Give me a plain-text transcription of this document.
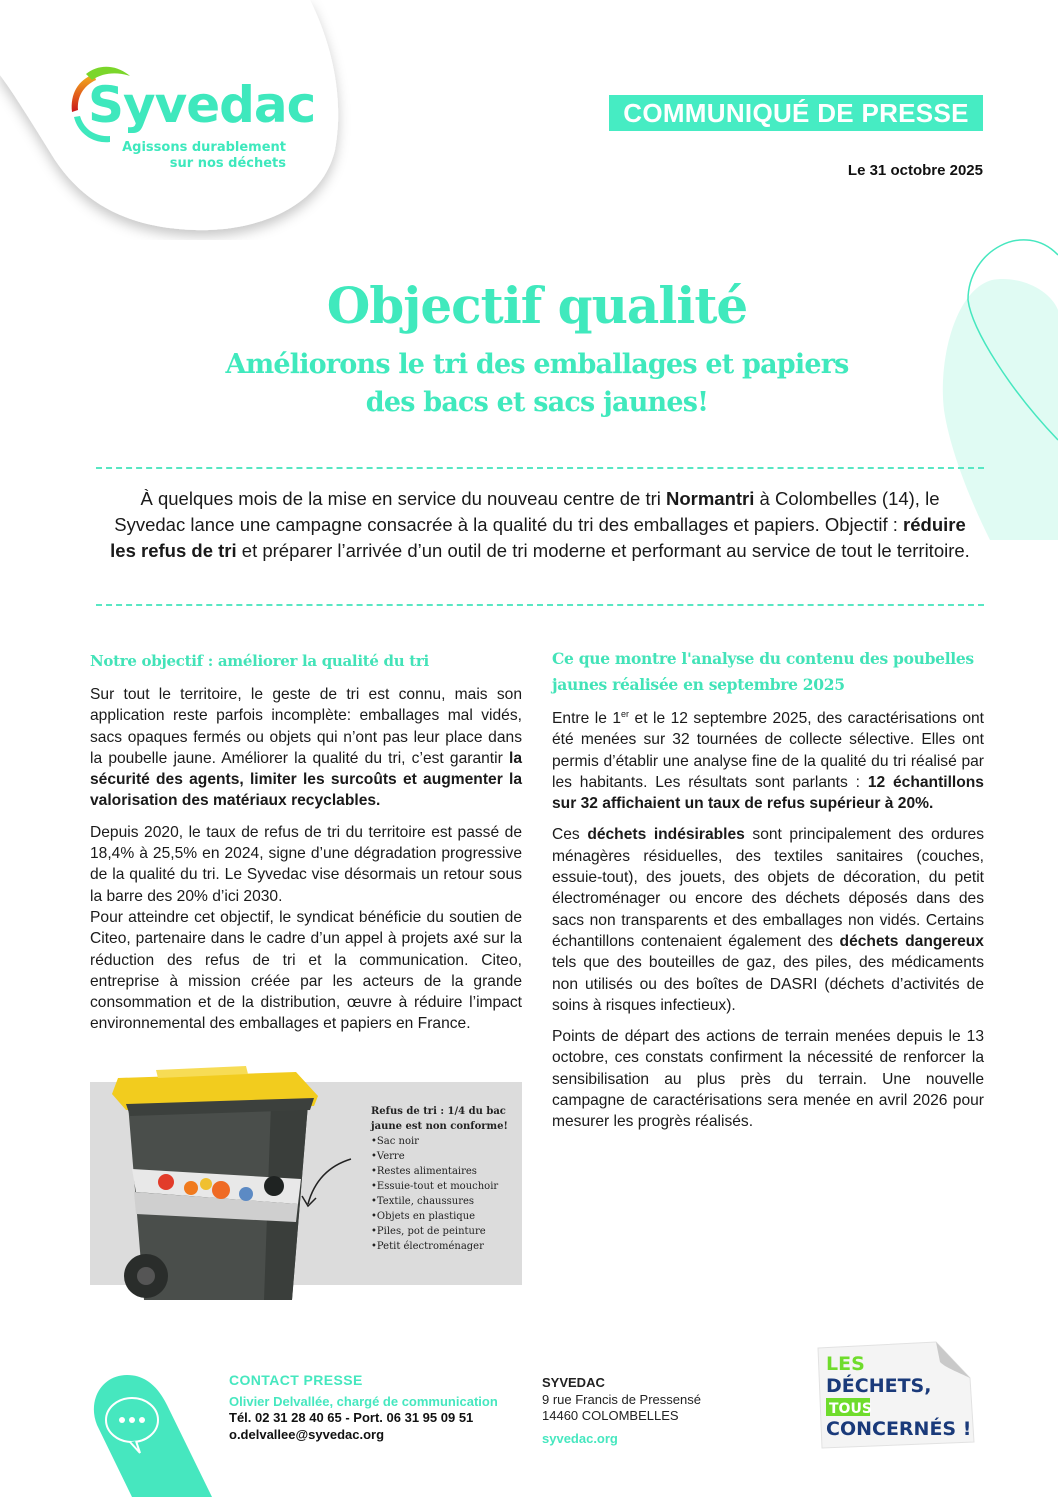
Syvedac
Agissons durablement
sur nos déchets
COMMUNIQUÉ DE PRESSE
Le 31 octobre 2025
Objectif qualité
Améliorons le tri des emballages et papiers
des bacs et sacs jaunes!
À quelques mois de la mise en service du nouveau centre de tri Normantri à Colombelles (14), le Syvedac lance une campagne consacrée à la qualité du tri des emballages et papiers. Objectif : réduire les refus de tri et préparer l’arrivée d’un outil de tri moderne et performant au service de tout le territoire.
Notre objectif : améliorer la qualité du tri

Sur tout le territoire, le geste de tri est connu, mais son application reste parfois incomplète: emballages mal vidés, sacs opaques fermés ou objets qui n’ont pas leur place dans la poubelle jaune. Améliorer la qualité du tri, c’est garantir la sécurité des agents, limiter les surcoûts et augmenter la valorisation des matériaux recyclables.

Depuis 2020, le taux de refus de tri du territoire est passé de 18,4% à 25,5% en 2024, signe d’une dégradation progressive de la qualité du tri. Le Syvedac vise désormais un retour sous la barre des 20% d’ici 2030.

Pour atteindre cet objectif, le syndicat bénéficie du soutien de Citeo, partenaire dans le cadre d’un appel à projets axé sur la réduction des refus de tri et la communication. Citeo, entreprise à mission créée par les acteurs de la grande consommation et de la distribution, œuvre à réduire l’impact environnemental des emballages et papiers en France.

Refus de tri : 1/4 du bac
jaune est non conforme!
• Sac noir
• Verre
• Restes alimentaires
• Essuie-tout et mouchoir
• Textile, chaussures
• Objets en plastique
• Piles, pot de peinture
• Petit électroménager
Ce que montre l'analyse du contenu des poubelles jaunes réalisée en septembre 2025

Entre le 1er et le 12 septembre 2025, des caractérisations ont été menées sur 32 tournées de collecte sélective. Elles ont permis d’établir une analyse fine de la qualité du tri réalisé par les habitants. Les résultats sont parlants : 12 échantillons sur 32 affichaient un taux de refus supérieur à 20%.

Ces déchets indésirables sont principalement des ordures ménagères résiduelles, des textiles sanitaires (couches, essuie-tout), des jouets, des objets de décoration, du petit électroménager ou encore des déchets déposés dans des sacs non transparents et des emballages non vidés. Certains échantillons contenaient également des déchets dangereux tels que des bouteilles de gaz, des piles, des médicaments non utilisés ou des boîtes de DASRI (déchets d’activités de soins à risques infectieux).

Points de départ des actions de terrain menées depuis le 13 octobre, ces constats confirment la nécessité de renforcer la sensibilisation au plus près du terrain. Une nouvelle campagne de caractérisations sera menée en avril 2026 pour mesurer les progrès réalisés.

CONTACT PRESSE
Olivier Delvallée, chargé de communication
Tél. 02 31 28 40 65 - Port. 06 31 95 09 51
o.delvallee@syvedac.org
SYVEDAC
9 rue Francis de Pressensé
14460 COLOMBELLES
syvedac.org
LES
DÉCHETS,
TOUS
CONCERNÉS !
